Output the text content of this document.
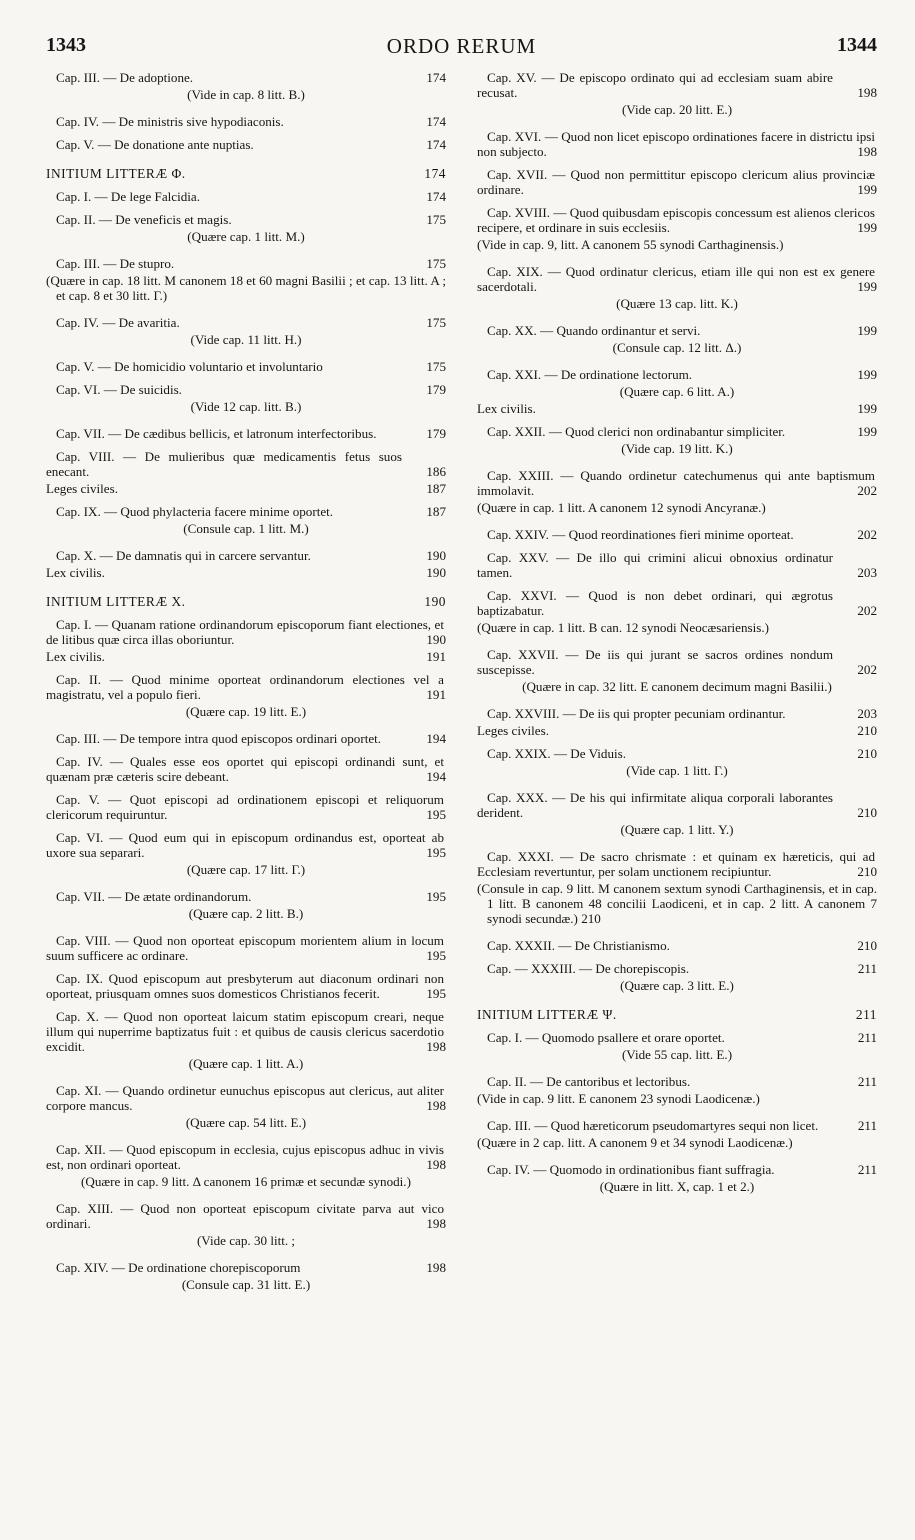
1343	ORDO RERUM	1344
Cap. III. — De adoptione.	174
(Vide in cap. 8 litt. B.)
Cap. IV. — De ministris sive hypodiaconis.	174
Cap. V. — De donatione ante nuptias.	174
INITIUM LITTERÆ Φ.	174
Cap. I. — De lege Falcidia.	174
Cap. II. — De veneficis et magis.	175
(Quære cap. 1 litt. M.)
Cap. III. — De stupro.	175
(Quære in cap. 18 litt. M canonem 18 et 60 magni Basilii ; et cap. 13 litt. A ; et cap. 8 et 30 litt. Γ.)
Cap. IV. — De avaritia.	175
(Vide cap. 11 litt. H.)
Cap. V. — De homicidio voluntario et involuntario	175
Cap. VI. — De suicidis.	179
(Vide 12 cap. litt. B.)
Cap. VII. — De cædibus bellicis, et latronum interfectoribus.	179
Cap. VIII. — De mulieribus quæ medicamentis fetus suos enecant.	186
Leges civiles.	187
Cap. IX. — Quod phylacteria facere minime oportet.	187
(Consule cap. 1 litt. M.)
Cap. X. — De damnatis qui in carcere servantur.	190
Lex civilis.	190
INITIUM LITTERÆ X.	190
Cap. I. — Quanam ratione ordinandorum episcoporum fiant electiones, et de litibus quæ circa illas oboriuntur.	190
Lex civilis.	191
Cap. II. — Quod minime oporteat ordinandorum electiones vel a magistratu, vel a populo fieri.	191
(Quære cap. 19 litt. E.)
Cap. III. — De tempore intra quod episcopos ordinari oportet.	194
Cap. IV. — Quales esse eos oportet qui episcopi ordinandi sunt, et quænam præ cæteris scire debeant.	194
Cap. V. — Quot episcopi ad ordinationem episcopi et reliquorum clericorum requiruntur.	195
Cap. VI. — Quod eum qui in episcopum ordinandus est, oporteat ab uxore sua separari.	195
(Quære cap. 17 litt. Γ.)
Cap. VII. — De ætate ordinandorum.	195
(Quære cap. 2 litt. B.)
Cap. VIII. — Quod non oporteat episcopum morientem alium in locum suum sufficere ac ordinare.	195
Cap. IX. Quod episcopum aut presbyterum aut diaconum ordinari non oporteat, priusquam omnes suos domesticos Christianos fecerit.	195
Cap. X. — Quod non oporteat laicum statim episcopum creari, neque illum qui nuperrime baptizatus fuit : et quibus de causis clericus sacerdotio excidit.	198
(Quære cap. 1 litt. A.)
Cap. XI. — Quando ordinetur eunuchus episcopus aut clericus, aut aliter corpore mancus.	198
(Quære cap. 54 litt. E.)
Cap. XII. — Quod episcopum in ecclesia, cujus episcopus adhuc in vivis est, non ordinari oporteat.	198
(Quære in cap. 9 litt. Δ canonem 16 primæ et secundæ synodi.)
Cap. XIII. — Quod non oporteat episcopum civitate parva aut vico ordinari.	198
(Vide cap. 30 litt. ;
Cap. XIV. — De ordinatione chorepiscoporum	198
(Consule cap. 31 litt. E.)
Cap. XV. — De episcopo ordinato qui ad ecclesiam suam abire recusat.	198
(Vide cap. 20 litt. E.)
Cap. XVI. — Quod non licet episcopo ordinationes facere in districtu ipsi non subjecto.	198
Cap. XVII. — Quod non permittitur episcopo clericum alius provinciæ ordinare.	199
Cap. XVIII. — Quod quibusdam episcopis concessum est alienos clericos recipere, et ordinare in suis ecclesiis.	199
(Vide in cap. 9, litt. A canonem 55 synodi Carthaginensis.)
Cap. XIX. — Quod ordinatur clericus, etiam ille qui non est ex genere sacerdotali.	199
(Quære 13 cap. litt. K.)
Cap. XX. — Quando ordinantur et servi.	199
(Consule cap. 12 litt. Δ.)
Cap. XXI. — De ordinatione lectorum.	199
(Quære cap. 6 litt. A.)
Lex civilis.	199
Cap. XXII. — Quod clerici non ordinabantur simpliciter.	199
(Vide cap. 19 litt. K.)
Cap. XXIII. — Quando ordinetur catechumenus qui ante baptismum immolavit.	202
(Quære in cap. 1 litt. A canonem 12 synodi Ancyranæ.)
Cap. XXIV. — Quod reordinationes fieri minime oporteat.	202
Cap. XXV. — De illo qui crimini alicui obnoxius ordinatur tamen.	203
Cap. XXVI. — Quod is non debet ordinari, qui ægrotus baptizabatur.	202
(Quære in cap. 1 litt. B can. 12 synodi Neocæsariensis.)
Cap. XXVII. — De iis qui jurant se sacros ordines nondum suscepisse.	202
(Quære in cap. 32 litt. E canonem decimum magni Basilii.)
Cap. XXVIII. — De iis qui propter pecuniam ordinantur.	203
Leges civiles.	210
Cap. XXIX. — De Viduis.	210
(Vide cap. 1 litt. Γ.)
Cap. XXX. — De his qui infirmitate aliqua corporali laborantes derident.	210
(Quære cap. 1 litt. Y.)
Cap. XXXI. — De sacro chrismate : et quinam ex hæreticis, qui ad Ecclesiam revertuntur, per solam unctionem recipiuntur.	210
(Consule in cap. 9 litt. M canonem sextum synodi Carthaginensis, et in cap. 1 litt. B canonem 48 concilii Laodiceni, et in cap. 2 litt. A canonem 7 synodi secundæ.) 210
Cap. XXXII. — De Christianismo.	210
Cap. — XXXIII. — De chorepiscopis.	211
(Quære cap. 3 litt. E.)
INITIUM LITTERÆ Ψ.	211
Cap. I. — Quomodo psallere et orare oportet.	211
(Vide 55 cap. litt. E.)
Cap. II. — De cantoribus et lectoribus.	211
(Vide in cap. 9 litt. E canonem 23 synodi Laodicenæ.)
Cap. III. — Quod hæreticorum pseudomartyres sequi non licet.	211
(Quære in 2 cap. litt. A canonem 9 et 34 synodi Laodicenæ.)
Cap. IV. — Quomodo in ordinationibus fiant suffragia.	211
(Quære in litt. X, cap. 1 et 2.)
